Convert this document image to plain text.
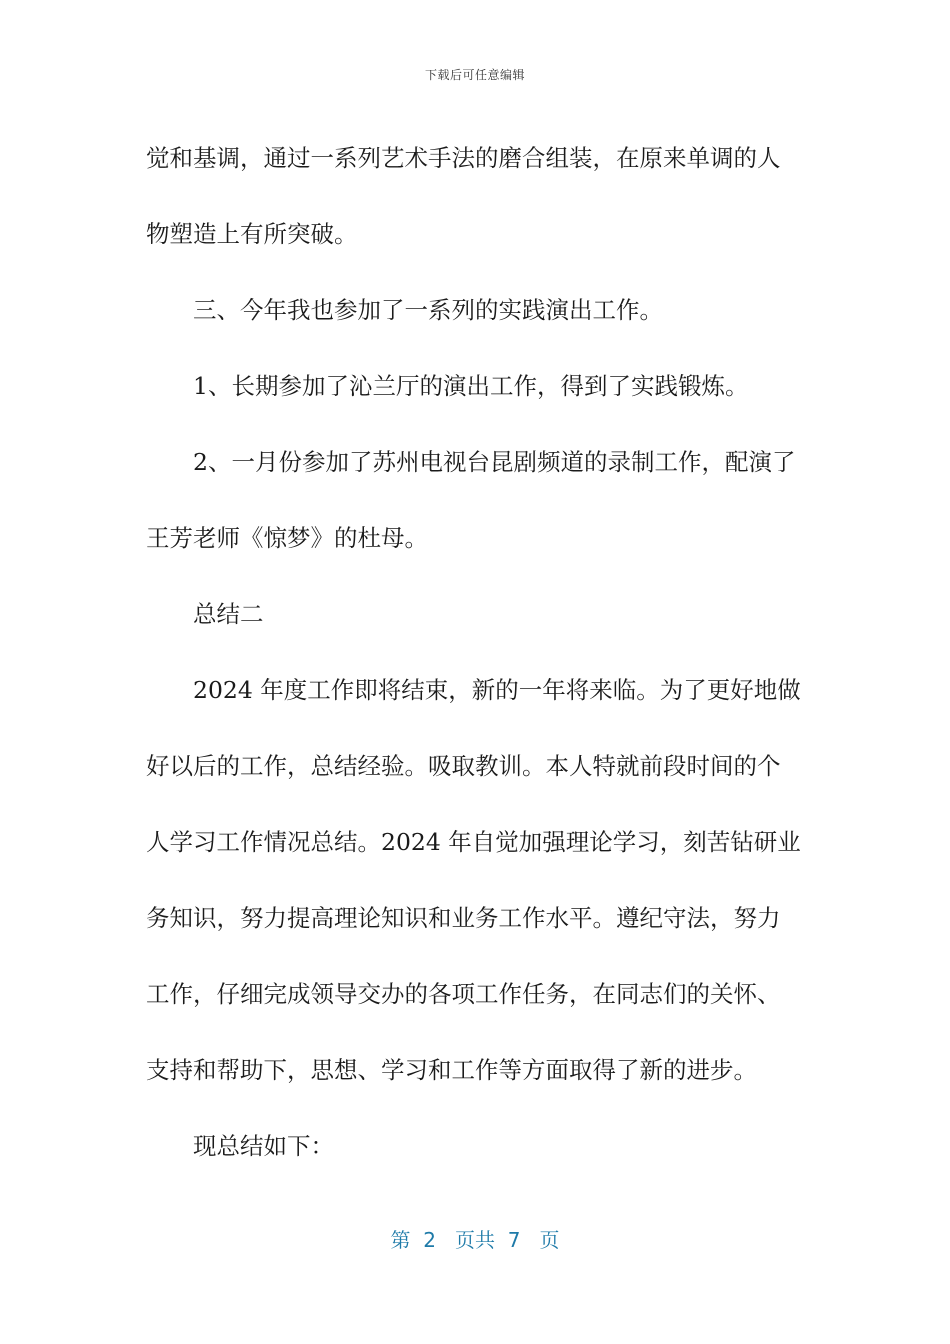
下载后可任意编辑

觉和基调，通过一系列艺术手法的磨合组装，在原来单调的人

物塑造上有所突破。

三、今年我也参加了一系列的实践演出工作。

1、长期参加了沁兰厅的演出工作，得到了实践锻炼。

2、一月份参加了苏州电视台昆剧频道的录制工作，配演了

王芳老师《惊梦》的杜母。

总结二

2024 年度工作即将结束，新的一年将来临。为了更好地做

好以后的工作，总结经验。吸取教训。本人特就前段时间的个

人学习工作情况总结。2024 年自觉加强理论学习，刻苦钻研业

务知识，努力提高理论知识和业务工作水平。遵纪守法，努力

工作，仔细完成领导交办的各项工作任务，在同志们的关怀、

支持和帮助下，思想、学习和工作等方面取得了新的进步。

现总结如下：

第  2   页共  7   页
